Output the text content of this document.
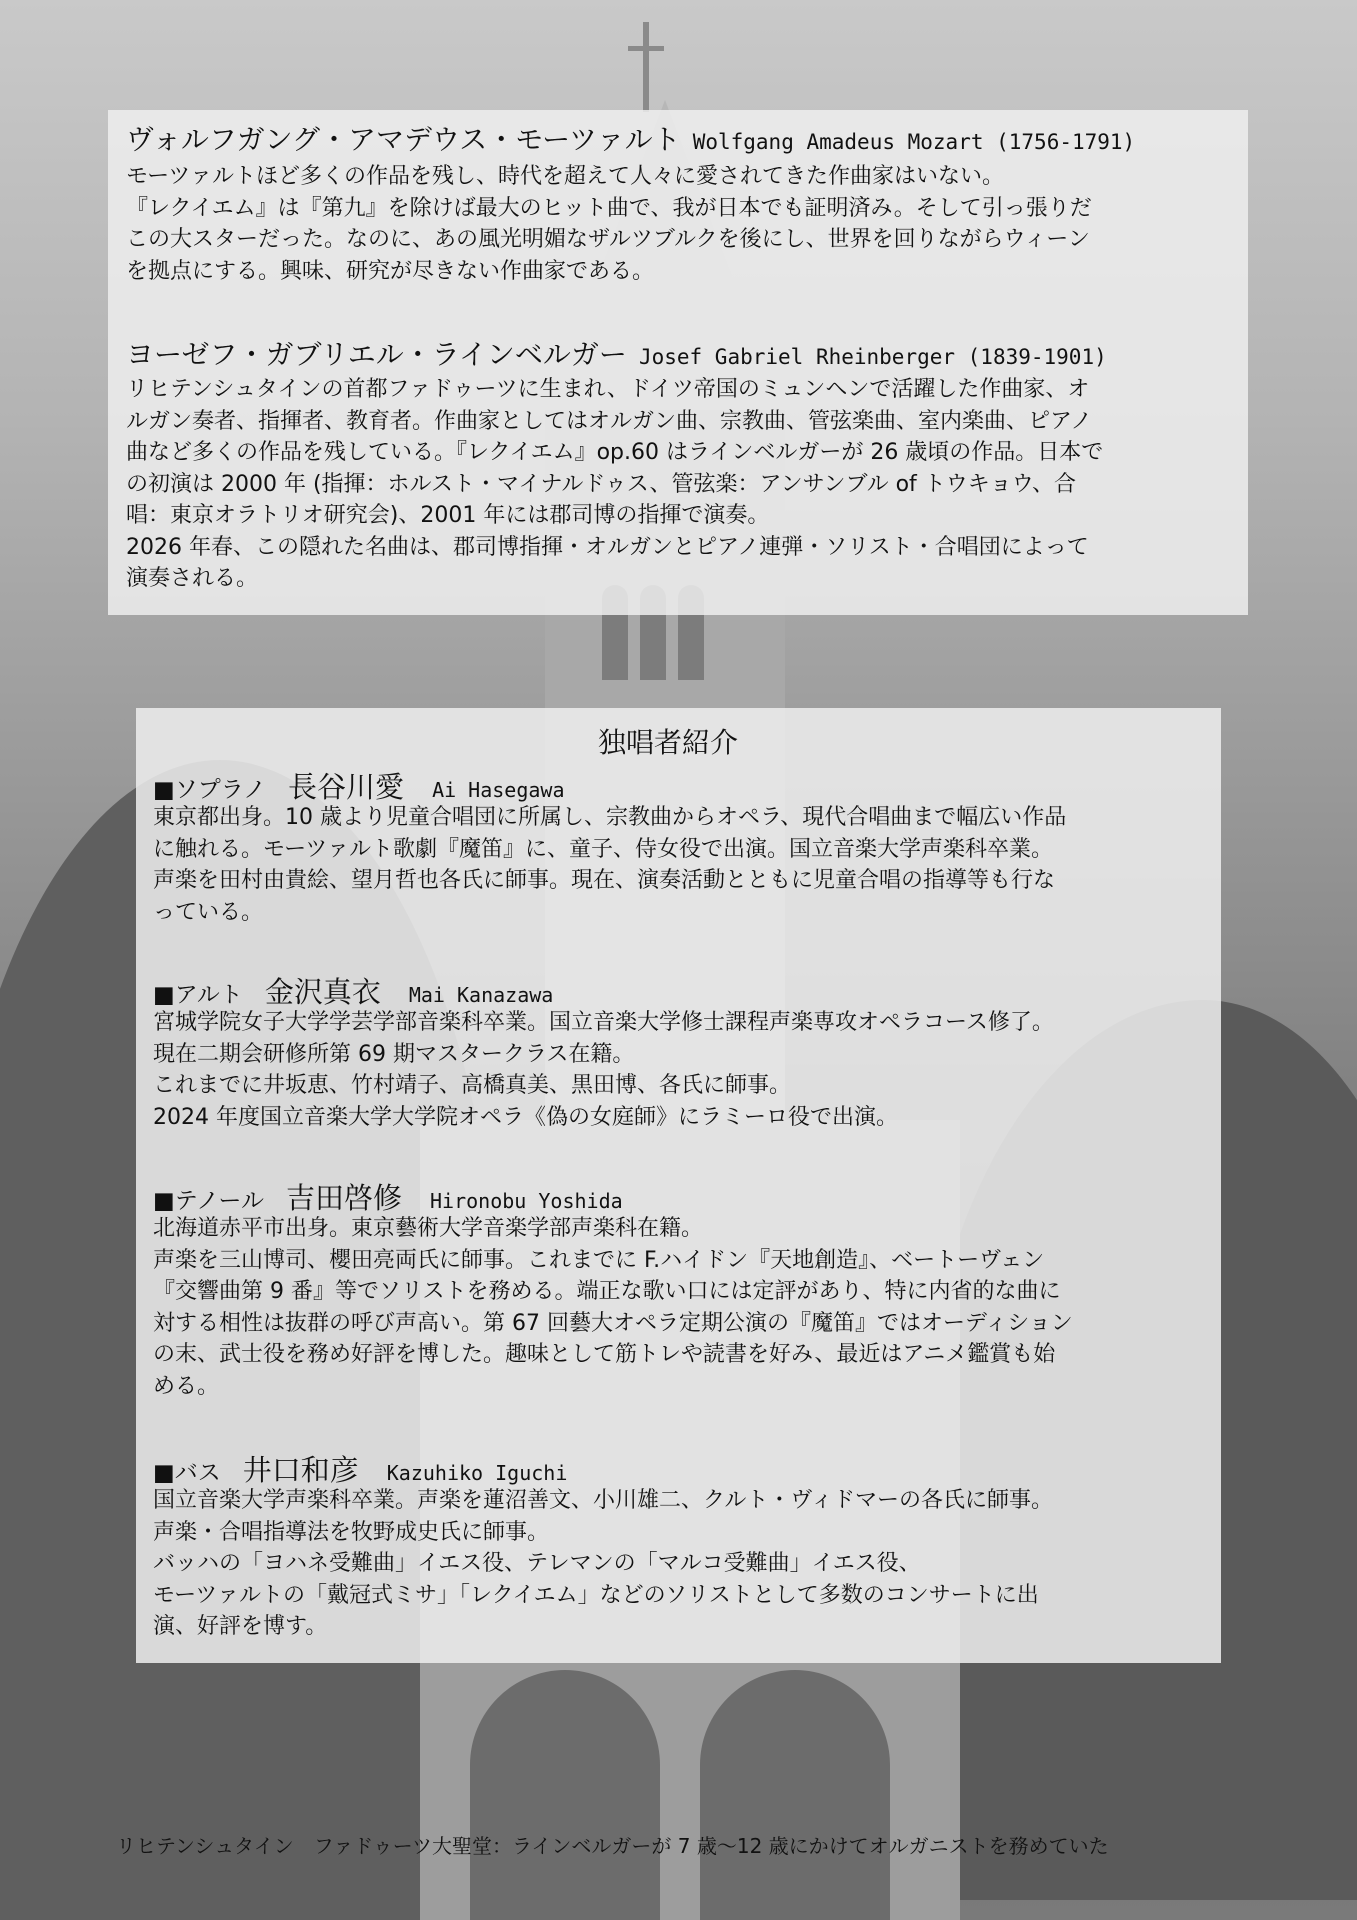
ヴォルフガング・アマデウス・モーツァルト Wolfgang Amadeus Mozart (1756-1791)
モーツァルトほど多くの作品を残し、時代を超えて人々に愛されてきた作曲家はいない。
『レクイエム』は『第九』を除けば最大のヒット曲で、我が日本でも証明済み。そして引っ張りだ
この大スターだった。なのに、あの風光明媚なザルツブルクを後にし、世界を回りながらウィーン
を拠点にする。興味、研究が尽きない作曲家である。
ヨーゼフ・ガブリエル・ラインベルガー Josef Gabriel Rheinberger (1839-1901)
リヒテンシュタインの首都ファドゥーツに生まれ、ドイツ帝国のミュンヘンで活躍した作曲家、オ
ルガン奏者、指揮者、教育者。作曲家としてはオルガン曲、宗教曲、管弦楽曲、室内楽曲、ピアノ
曲など多くの作品を残している。『レクイエム』op.60 はラインベルガーが 26 歳頃の作品。日本で
の初演は 2000 年 (指揮：ホルスト・マイナルドゥス、管弦楽：アンサンブル of トウキョウ、合
唱：東京オラトリオ研究会)、2001 年には郡司博の指揮で演奏。
2026 年春、この隠れた名曲は、郡司博指揮・オルガンとピアノ連弾・ソリスト・合唱団によって
演奏される。
独唱者紹介
■ソプラノ 長谷川愛 Ai Hasegawa
東京都出身。10 歳より児童合唱団に所属し、宗教曲からオペラ、現代合唱曲まで幅広い作品
に触れる。モーツァルト歌劇『魔笛』に、童子、侍女役で出演。国立音楽大学声楽科卒業。
声楽を田村由貴絵、望月哲也各氏に師事。現在、演奏活動とともに児童合唱の指導等も行な
っている。
■アルト 金沢真衣 Mai Kanazawa
宮城学院女子大学学芸学部音楽科卒業。国立音楽大学修士課程声楽専攻オペラコース修了。
現在二期会研修所第 69 期マスタークラス在籍。
これまでに井坂恵、竹村靖子、高橋真美、黒田博、各氏に師事。
2024 年度国立音楽大学大学院オペラ《偽の女庭師》にラミーロ役で出演。
■テノール 吉田啓修 Hironobu Yoshida
北海道赤平市出身。東京藝術大学音楽学部声楽科在籍。
声楽を三山博司、櫻田亮両氏に師事。これまでに F.ハイドン『天地創造』、ベートーヴェン
『交響曲第 9 番』等でソリストを務める。端正な歌い口には定評があり、特に内省的な曲に
対する相性は抜群の呼び声高い。第 67 回藝大オペラ定期公演の『魔笛』ではオーディション
の末、武士役を務め好評を博した。趣味として筋トレや読書を好み、最近はアニメ鑑賞も始
める。
■バス 井口和彦 Kazuhiko Iguchi
国立音楽大学声楽科卒業。声楽を蓮沼善文、小川雄二、クルト・ヴィドマーの各氏に師事。
声楽・合唱指導法を牧野成史氏に師事。
バッハの「ヨハネ受難曲」イエス役、テレマンの「マルコ受難曲」イエス役、
モーツァルトの「戴冠式ミサ」「レクイエム」などのソリストとして多数のコンサートに出
演、好評を博す。
リヒテンシュタイン　ファドゥーツ大聖堂：ラインベルガーが 7 歳～12 歳にかけてオルガニストを務めていた
